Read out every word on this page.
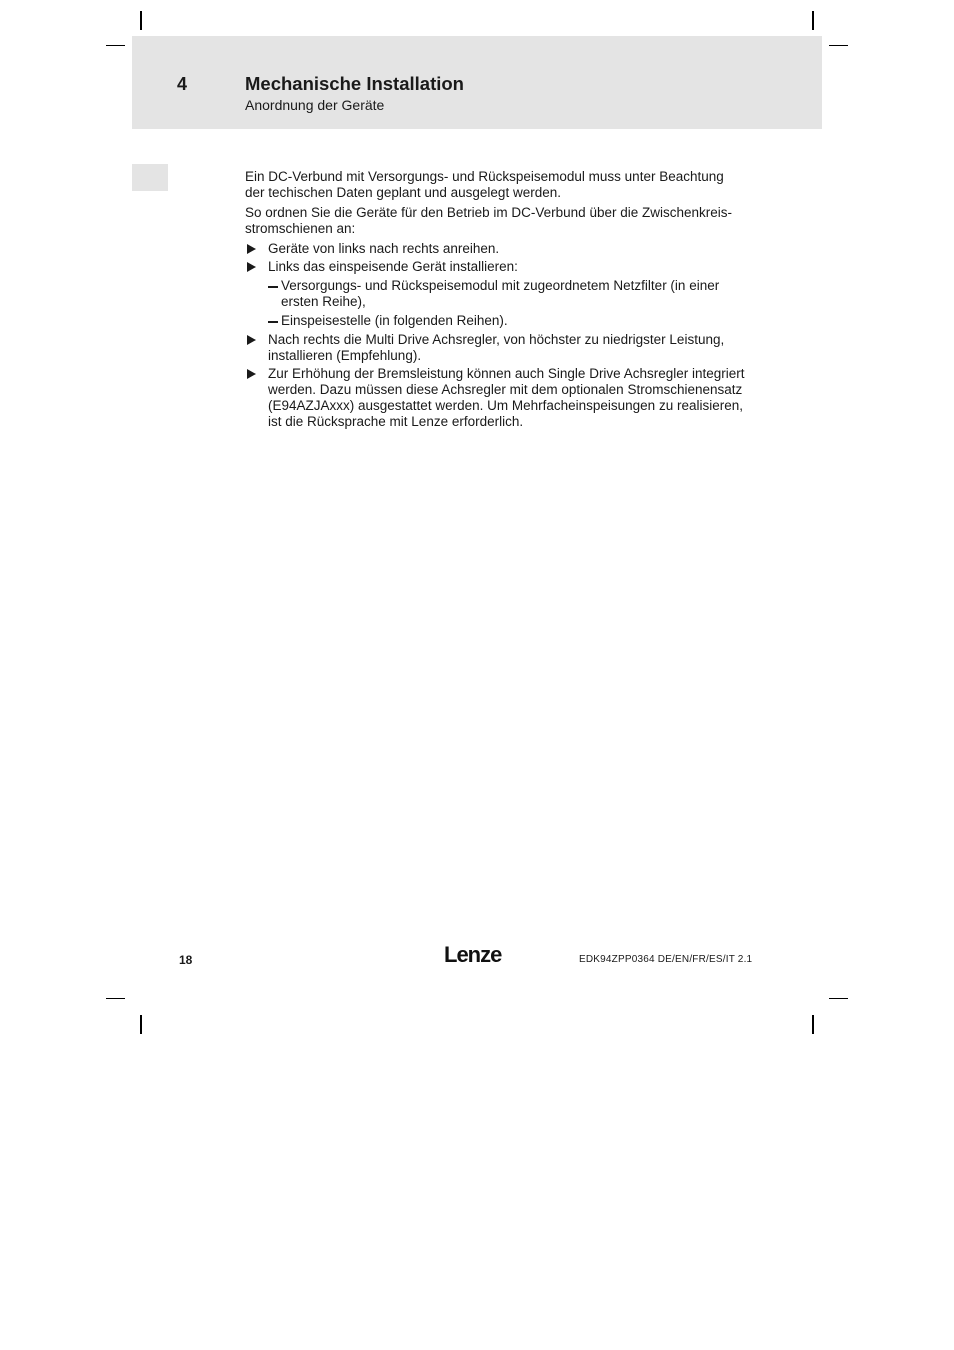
4	Mechanische Installation
Anordnung der Geräte

Ein DC-Verbund mit Versorgungs- und Rückspeisemodul muss unter Beachtung der techischen Daten geplant und ausgelegt werden.

So ordnen Sie die Geräte für den Betrieb im DC-Verbund über die Zwischenkreis-stromschienen an:

Geräte von links nach rechts anreihen.
Links das einspeisende Gerät installieren:
Versorgungs- und Rückspeisemodul mit zugeordnetem Netzfilter (in einer ersten Reihe),
Einspeisestelle (in folgenden Reihen).
Nach rechts die Multi Drive Achsregler, von höchster zu niedrigster Leistung, installieren (Empfehlung).
Zur Erhöhung der Bremsleistung können auch Single Drive Achsregler integriert werden. Dazu müssen diese Achsregler mit dem optionalen Stromschienensatz (E94AZJAxxx) ausgestattet werden. Um Mehrfacheinspeisungen zu realisieren, ist die Rücksprache mit Lenze erforderlich.
18	Lenze	EDK94ZPP0364 DE/EN/FR/ES/IT 2.1
